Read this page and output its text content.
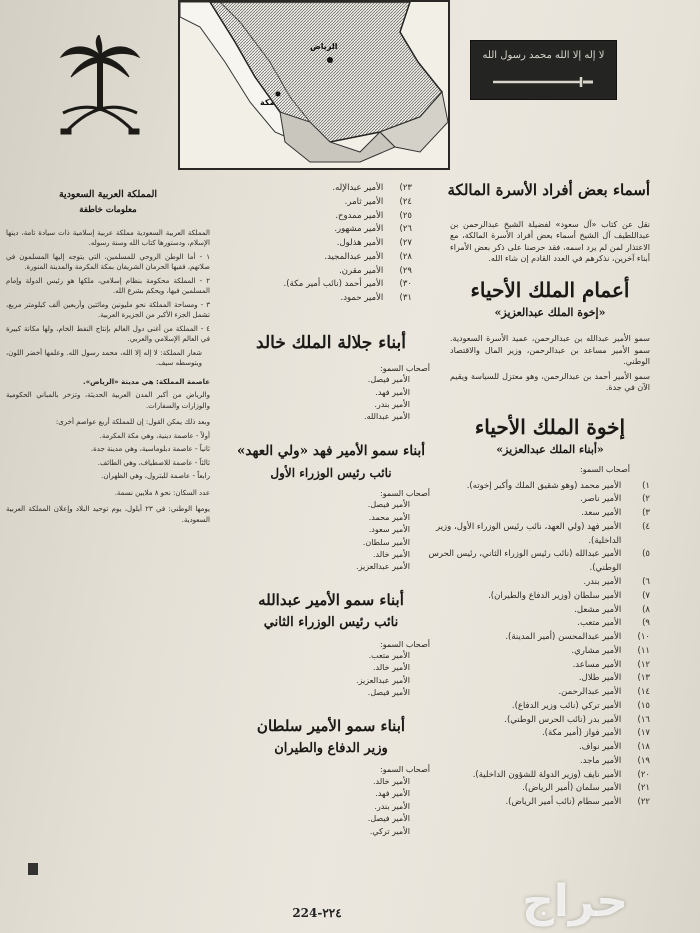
الرياض
مكة
لا إله إلا الله محمد رسول الله
أسماء بعض أفراد الأسرة المالكة

نقل عن كتاب «آل سعود» لفضيلة الشيخ عبدالرحمن بن عبداللطيف آل الشيخ أسماء بعض أفراد الأسرة المالكة، مع الاعتذار لمن لم يرد اسمه، فقد حرصنا على ذكر بعض الأمراء أبناء آخرين، نذكرهم في العدد القادم إن شاء الله.

أعمام الملك الأحياء
«إخوة الملك عبدالعزيز»

سمو الأمير عبدالله بن عبدالرحمن، عميد الأسرة السعودية. سمو الأمير مساعد بن عبدالرحمن، وزير المال والاقتصاد الوطني.

سمو الأمير أحمد بن عبدالرحمن، وهو معتزل للسياسة ويقيم الآن في جدة.

إخوة الملك الأحياء
«أبناء الملك عبدالعزيز»
أصحاب السمو:
١) الأمير محمد (وهو شقيق الملك وأكبر إخوته).
٢) الأمير ناصر.
٣) الأمير سعد.
٤) الأمير فهد (ولي العهد، نائب رئيس الوزراء الأول، وزير
الداخلية).
٥) الأمير عبدالله (نائب رئيس الوزراء الثاني، رئيس الحرس
الوطني).
٦) الأمير بندر.
٧) الأمير سلطان (وزير الدفاع والطيران).
٨) الأمير مشعل.
٩) الأمير متعب.
١٠) الأمير عبدالمحسن (أمير المدينة).
١١) الأمير مشاري.
١٢) الأمير مساعد.
١٣) الأمير طلال.
١٤) الأمير عبدالرحمن.
١٥) الأمير تركي (نائب وزير الدفاع).
١٦) الأمير بدر (نائب الحرس الوطني).
١٧) الأمير فواز (أمير مكة).
١٨) الأمير نواف.
١٩) الأمير ماجد.
٢٠) الأمير نايف (وزير الدولة للشؤون الداخلية).
٢١) الأمير سلمان (أمير الرياض).
٢٢) الأمير سطام (نائب أمير الرياض).
٢٣) الأمير عبدالإله.
٢٤) الأمير ثامر.
٢٥) الأمير ممدوح.
٢٦) الأمير مشهور.
٢٧) الأمير هذلول.
٢٨) الأمير عبدالمجيد.
٢٩) الأمير مقرن.
٣٠) الأمير أحمد (نائب أمير مكة).
٣١) الأمير حمود.
أبناء جلالة الملك خالد
أصحاب السمو:
الأمير فيصل.
الأمير فهد.
الأمير بندر.
الأمير عبدالله.
أبناء سمو الأمير فهد «ولي العهد»
نائب رئيس الوزراء الأول
أصحاب السمو:
الأمير فيصل.
الأمير محمد.
الأمير سعود.
الأمير سلطان.
الأمير خالد.
الأمير عبدالعزيز.
أبناء سمو الأمير عبدالله
نائب رئيس الوزراء الثاني
أصحاب السمو:
الأمير متعب.
الأمير خالد.
الأمير عبدالعزيز.
الأمير فيصل.
أبناء سمو الأمير سلطان
وزير الدفاع والطيران
أصحاب السمو:
الأمير خالد.
الأمير فهد.
الأمير بندر.
الأمير فيصل.
الأمير تركي.
المملكة العربية السعودية
معلومات خاطفة

المملكة العربية السعودية مملكة عربية إسلامية ذات سيادة تامة، دينها الإسلام، ودستورها كتاب الله وسنة رسوله.

١ - أما الوطن الروحي للمسلمين، التي يتوجه إليها المسلمون في صلاتهم، ففيها الحرمان الشريفان بمكة المكرمة والمدينة المنورة.

٢ - المملكة محكومة بنظام إسلامي، ملكها هو رئيس الدولة وإمام المسلمين فيها، ويحكم بشرع الله.

٣ - ومساحة المملكة نحو مليونين ومائتين وأربعين ألف كيلومتر مربع، تشمل الجزء الأكبر من الجزيرة العربية.

٤ - المملكة من أغنى دول العالم بإنتاج النفط الخام، ولها مكانة كبيرة في العالم الإسلامي والعربي.

شعار المملكة: لا إله إلا الله، محمد رسول الله. وعلمها أخضر اللون، ويتوسطه سيف.

عاصمة المملكة: هي مدينة «الرياض».

والرياض من أكبر المدن العربية الحديثة، وتزخر بالمباني الحكومية والوزارات والسفارات.

وبعد ذلك يمكن القول: إن للمملكة أربع عواصم أخرى:

أولاً - عاصمة دينية، وهي مكة المكرمة.

ثانياً - عاصمة دبلوماسية، وهي مدينة جدة.

ثالثاً - عاصمة للاصطياف، وهي الطائف.

رابعاً - عاصمة للبترول، وهي الظهران.

عدد السكان: نحو ٨ ملايين نسمة.

يومها الوطني: في ٢٣ أيلول، يوم توحيد البلاد وإعلان المملكة العربية السعودية.

224-٢٢٤	حراج
